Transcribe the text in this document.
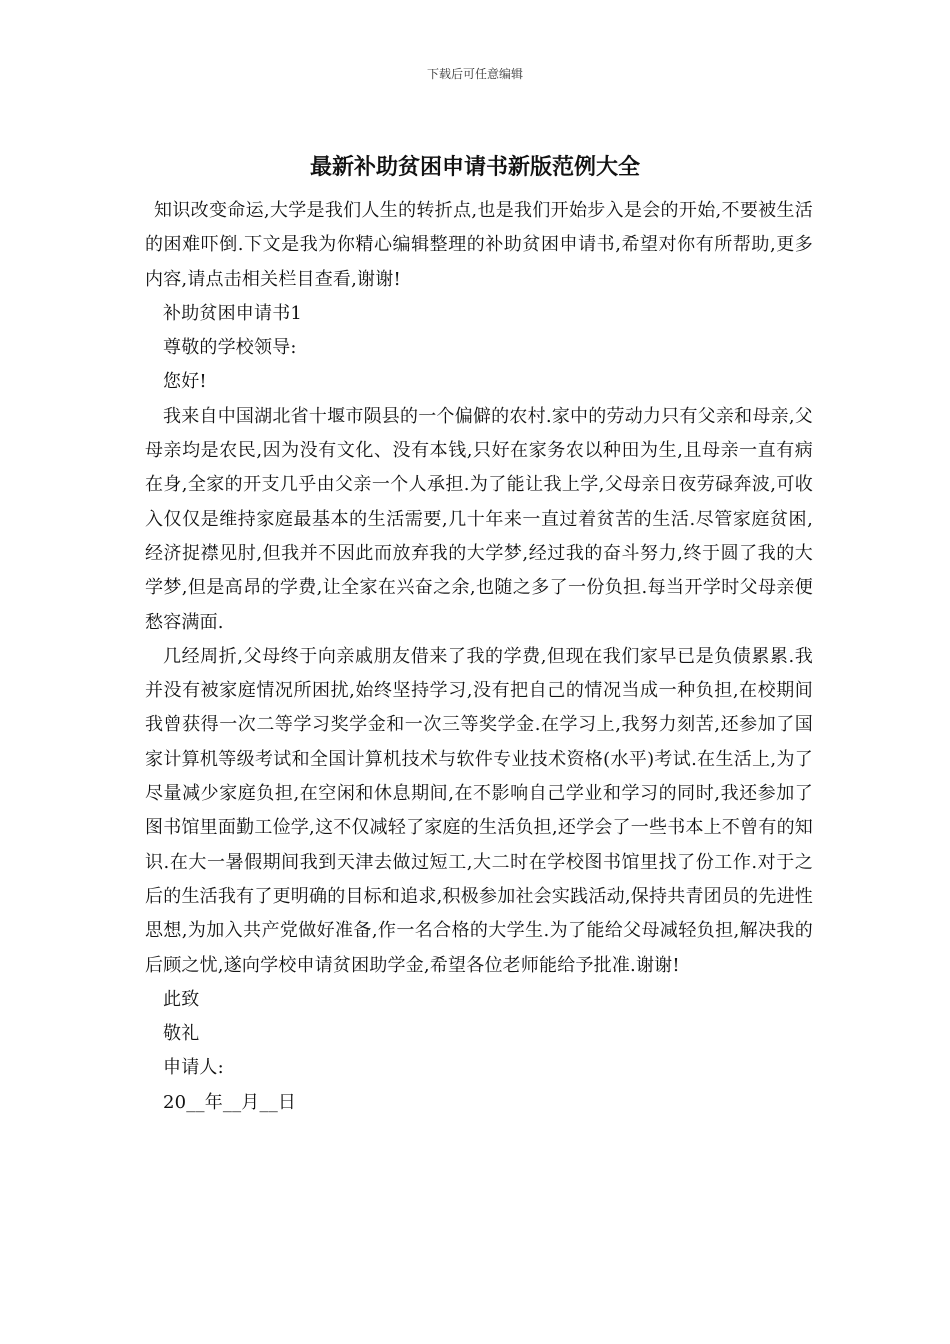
下载后可任意编辑
最新补助贫困申请书新版范例大全

知识改变命运,大学是我们人生的转折点,也是我们开始步入是会的开始,不要被生活的困难吓倒.下文是我为你精心编辑整理的补助贫困申请书,希望对你有所帮助,更多内容,请点击相关栏目查看,谢谢!

补助贫困申请书1

尊敬的学校领导:

您好!

我来自中国湖北省十堰市陨县的一个偏僻的农村.家中的劳动力只有父亲和母亲,父母亲均是农民,因为没有文化、没有本钱,只好在家务农以种田为生,且母亲一直有病在身,全家的开支几乎由父亲一个人承担.为了能让我上学,父母亲日夜劳碌奔波,可收入仅仅是维持家庭最基本的生活需要,几十年来一直过着贫苦的生活.尽管家庭贫困,经济捉襟见肘,但我并不因此而放弃我的大学梦,经过我的奋斗努力,终于圆了我的大学梦,但是高昂的学费,让全家在兴奋之余,也随之多了一份负担.每当开学时父母亲便愁容满面.

几经周折,父母终于向亲戚朋友借来了我的学费,但现在我们家早已是负债累累.我并没有被家庭情况所困扰,始终坚持学习,没有把自己的情况当成一种负担,在校期间我曾获得一次二等学习奖学金和一次三等奖学金.在学习上,我努力刻苦,还参加了国家计算机等级考试和全国计算机技术与软件专业技术资格(水平)考试.在生活上,为了尽量减少家庭负担,在空闲和休息期间,在不影响自己学业和学习的同时,我还参加了图书馆里面勤工俭学,这不仅减轻了家庭的生活负担,还学会了一些书本上不曾有的知识.在大一暑假期间我到天津去做过短工,大二时在学校图书馆里找了份工作.对于之后的生活我有了更明确的目标和追求,积极参加社会实践活动,保持共青团员的先进性思想,为加入共产党做好准备,作一名合格的大学生.为了能给父母减轻负担,解决我的后顾之忧,遂向学校申请贫困助学金,希望各位老师能给予批准.谢谢!

此致

敬礼

申请人:

20__年__月__日
